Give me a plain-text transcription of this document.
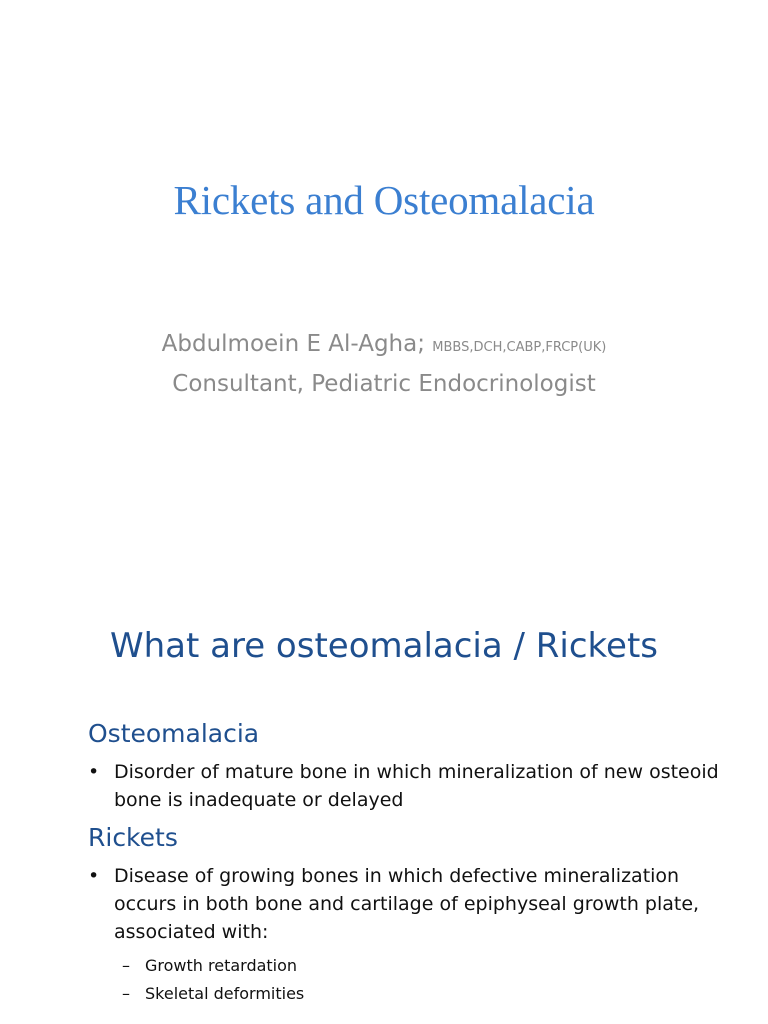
Rickets and Osteomalacia
Abdulmoein E Al-Agha; MBBS,DCH,CABP,FRCP(UK)
Consultant, Pediatric Endocrinologist
What are osteomalacia / Rickets
Osteomalacia
• Disorder of mature bone in which mineralization of new osteoid bone is inadequate or delayed
Rickets
• Disease of growing bones in which defective mineralization occurs in both bone and cartilage of epiphyseal growth plate, associated with:
– Growth retardation
– Skeletal deformities
